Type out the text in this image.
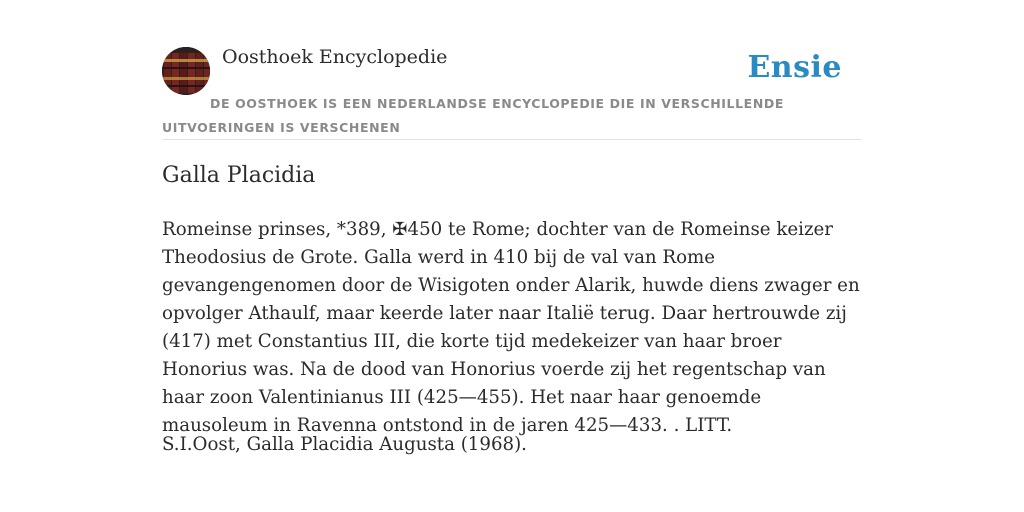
Oosthoek Encyclopedie	Ensie
DE OOSTHOEK IS EEN NEDERLANDSE ENCYCLOPEDIE DIE IN VERSCHILLENDE UITVOERINGEN IS VERSCHENEN
Galla Placidia

Romeinse prinses, *389, ✠450 te Rome; dochter van de Romeinse keizer Theodosius de Grote. Galla werd in 410 bij de val van Rome gevangengenomen door de Wisigoten onder Alarik, huwde diens zwager en opvolger Athaulf, maar keerde later naar Italië terug. Daar hertrouwde zij (417) met Constantius III, die korte tijd medekeizer van haar broer Honorius was. Na de dood van Honorius voerde zij het regentschap van haar zoon Valentinianus III (425—455). Het naar haar genoemde mausoleum in Ravenna ontstond in de jaren 425—433. . LITT.

S.I.Oost, Galla Placidia Augusta (1968).
